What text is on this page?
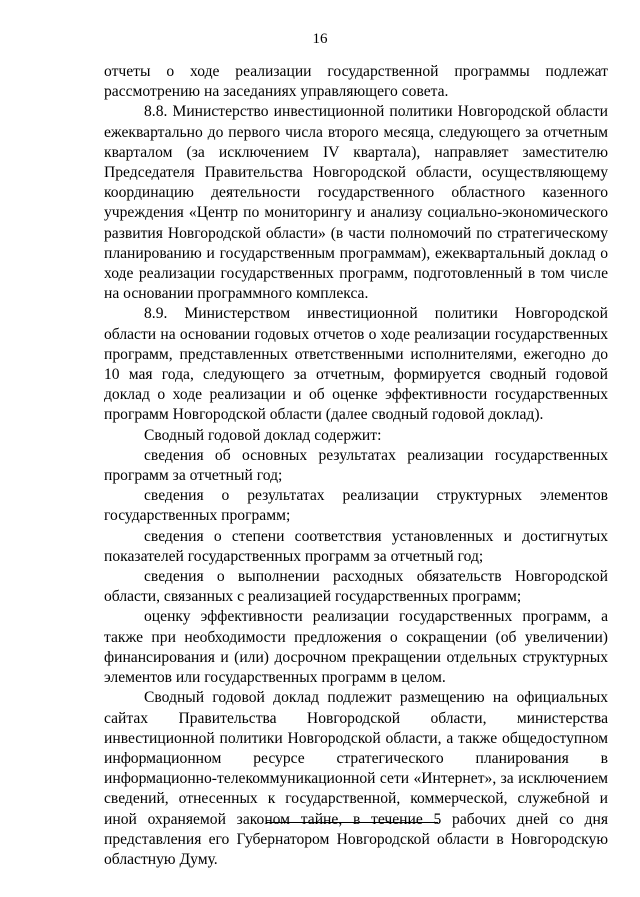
16

отчеты о ходе реализации государственной программы подлежат рассмотрению на заседаниях управляющего совета.

8.8. Министерство инвестиционной политики Новгородской области ежеквартально до первого числа второго месяца, следующего за отчетным кварталом (за исключением IV квартала), направляет заместителю Председателя Правительства Новгородской области, осуществляющему координацию деятельности государственного областного казенного учреждения «Центр по мониторингу и анализу социально-экономического развития Новгородской области» (в части полномочий по стратегическому планированию и государственным программам), ежеквартальный доклад о ходе реализации государственных программ, подготовленный в том числе на основании программного комплекса.

8.9. Министерством инвестиционной политики Новгородской области на основании годовых отчетов о ходе реализации государственных программ, представленных ответственными исполнителями, ежегодно до 10 мая года, следующего за отчетным, формируется сводный годовой доклад о ходе реализации и об оценке эффективности государственных программ Новгородской области (далее сводный годовой доклад).

Сводный годовой доклад содержит:

сведения об основных результатах реализации государственных программ за отчетный год;

сведения о результатах реализации структурных элементов государственных программ;

сведения о степени соответствия установленных и достигнутых показателей государственных программ за отчетный год;

сведения о выполнении расходных обязательств Новгородской области, связанных с реализацией государственных программ;

оценку эффективности реализации государственных программ, а также при необходимости предложения о сокращении (об увеличении) финансирования и (или) досрочном прекращении отдельных структурных элементов или государственных программ в целом.

Сводный годовой доклад подлежит размещению на официальных сайтах Правительства Новгородской области, министерства инвестиционной политики Новгородской области, а также общедоступном информационном ресурсе стратегического планирования в информационно-телекоммуникационной сети «Интернет», за исключением сведений, отнесенных к государственной, коммерческой, служебной и иной охраняемой законом тайне, в течение 5 рабочих дней со дня представления его Губернатором Новгородской области в Новгородскую областную Думу.
